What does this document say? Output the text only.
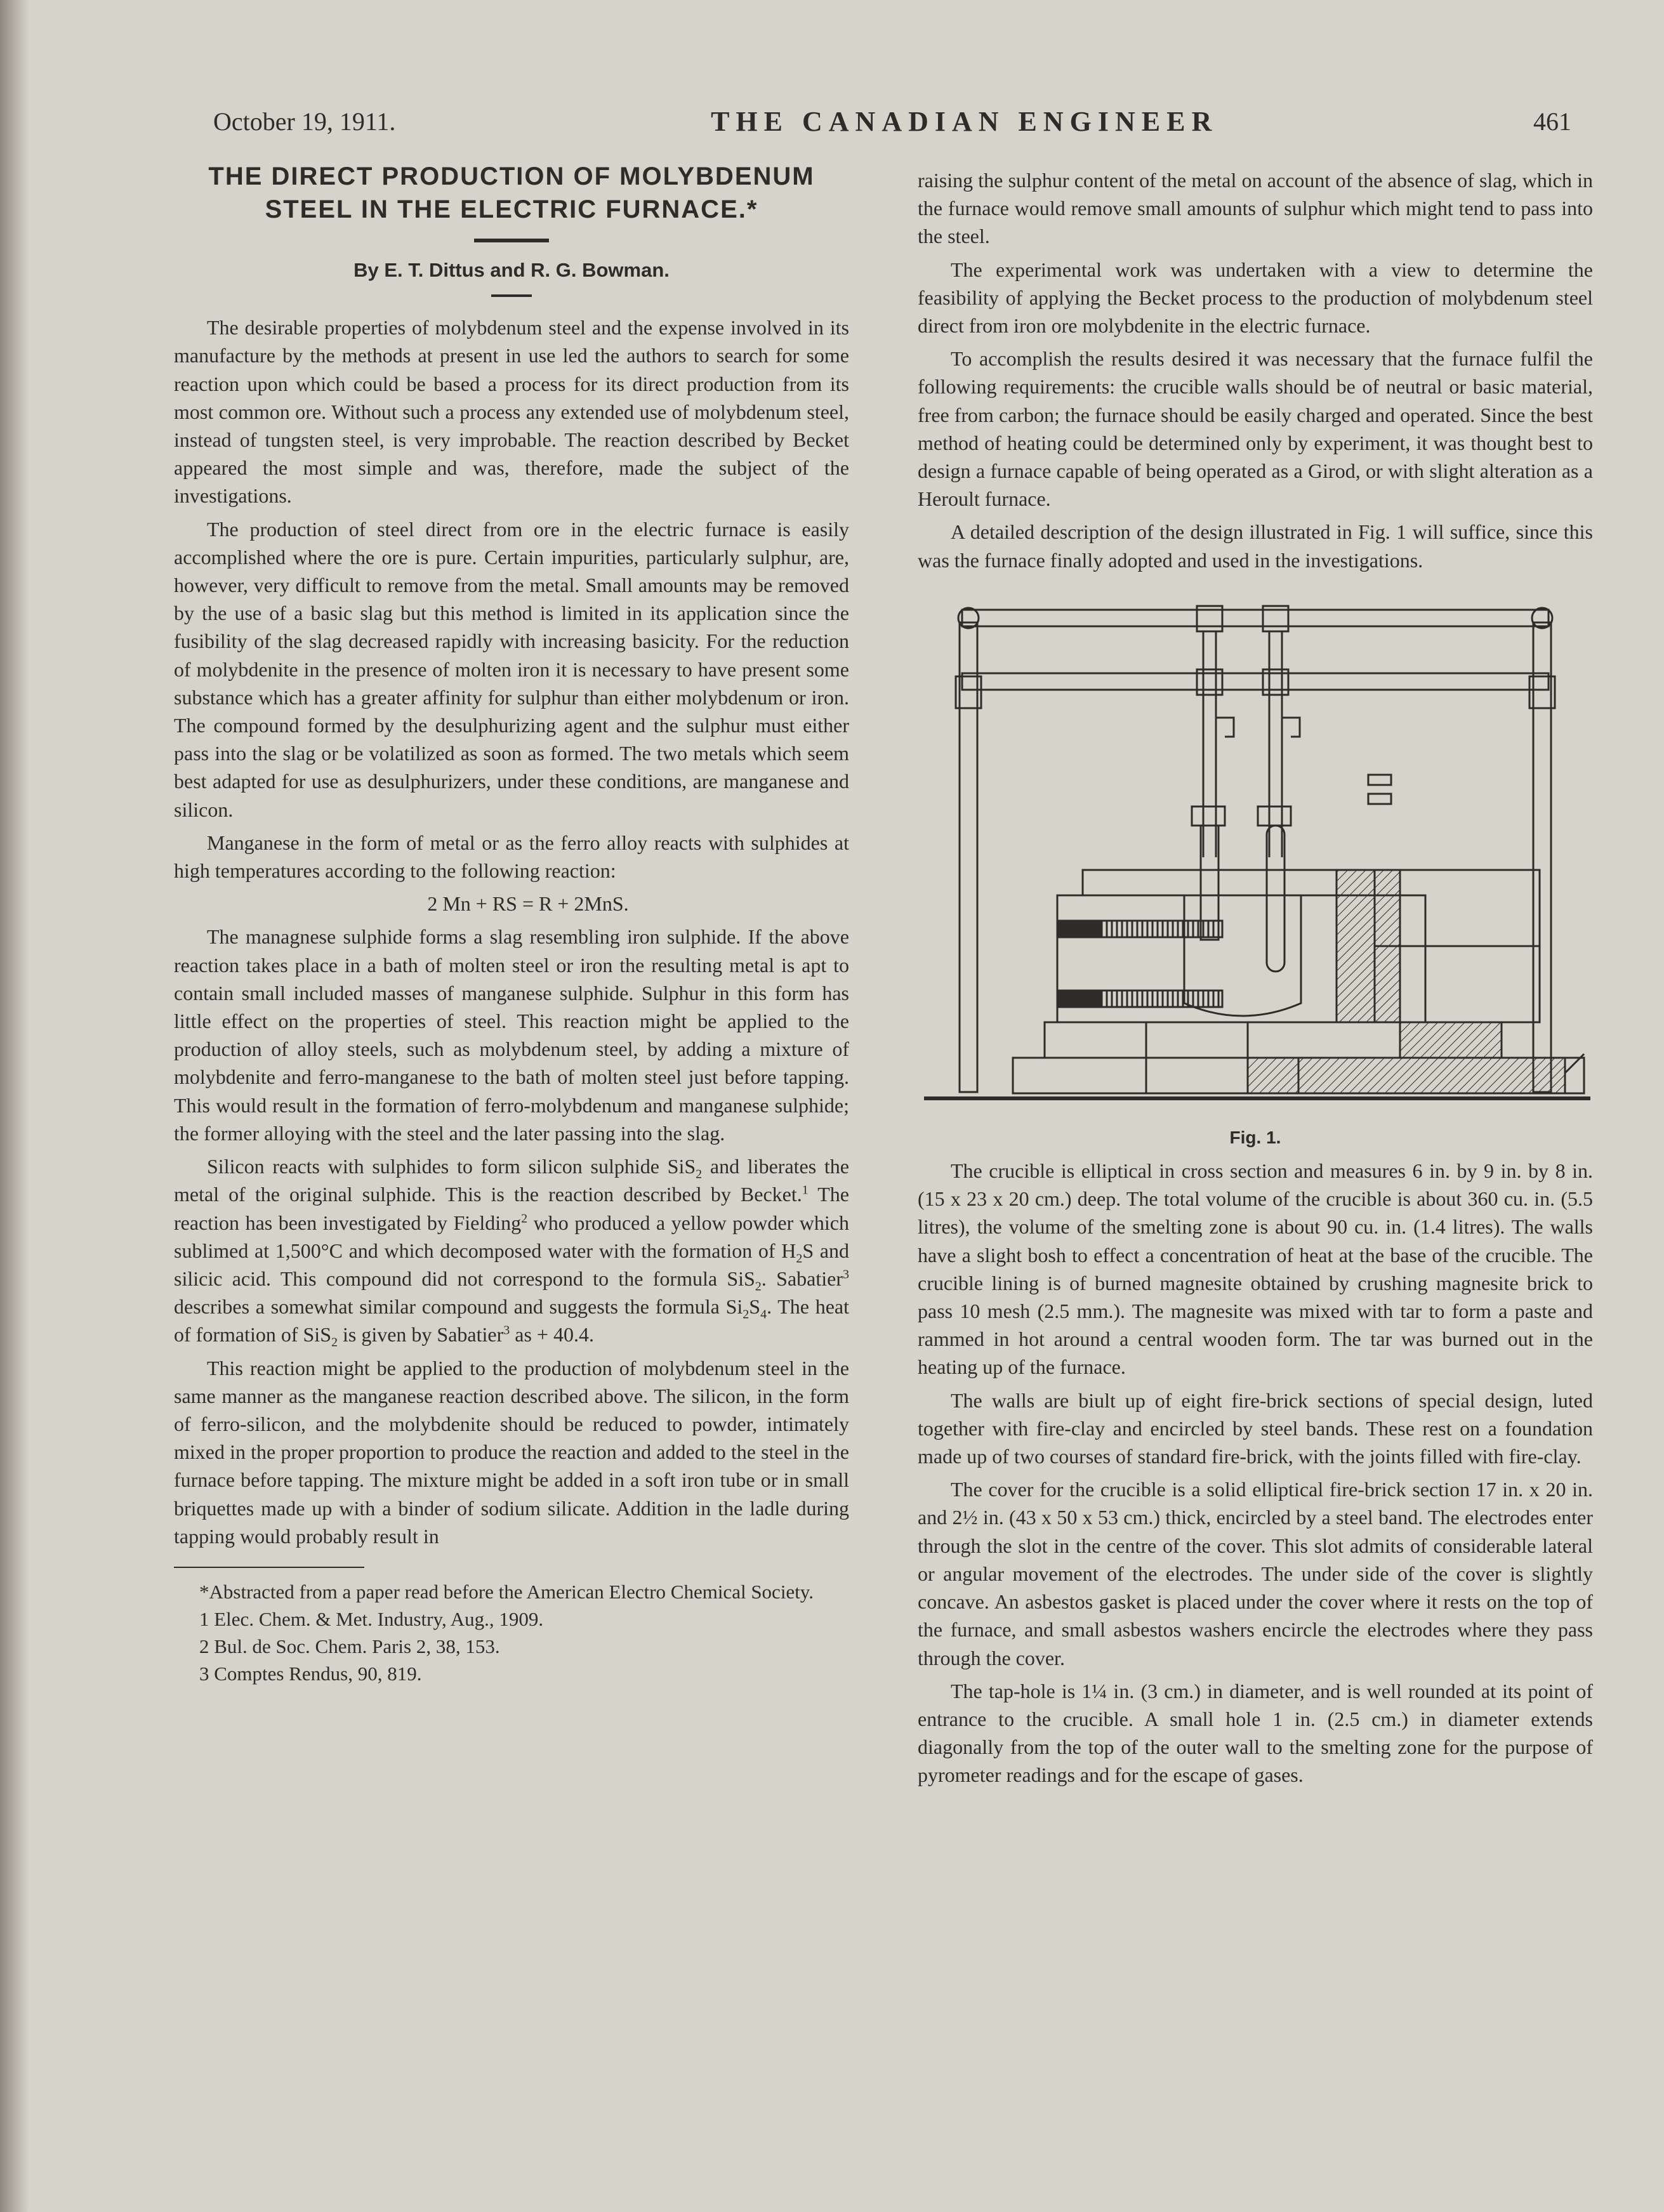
October 19, 1911.	THE CANADIAN ENGINEER	461

THE DIRECT PRODUCTION OF MOLYBDENUM
STEEL IN THE ELECTRIC FURNACE.*

By E. T. Dittus and R. G. Bowman.

The desirable properties of molybdenum steel and the expense involved in its manufacture by the methods at present in use led the authors to search for some reaction upon which could be based a process for its direct production from its most common ore. Without such a process any extended use of molybdenum steel, instead of tungsten steel, is very improbable. The reaction described by Becket appeared the most simple and was, therefore, made the subject of the investigations.

The production of steel direct from ore in the electric furnace is easily accomplished where the ore is pure. Certain impurities, particularly sulphur, are, however, very difficult to remove from the metal. Small amounts may be removed by the use of a basic slag but this method is limited in its application since the fusibility of the slag decreased rapidly with increasing basicity. For the reduction of molybdenite in the presence of molten iron it is necessary to have present some substance which has a greater affinity for sulphur than either molybdenum or iron. The compound formed by the desulphurizing agent and the sulphur must either pass into the slag or be volatilized as soon as formed. The two metals which seem best adapted for use as desulphurizers, under these conditions, are manganese and silicon.

Manganese in the form of metal or as the ferro alloy reacts with sulphides at high temperatures according to the following reaction:

2 Mn + RS = R + 2MnS.

The managnese sulphide forms a slag resembling iron sulphide. If the above reaction takes place in a bath of molten steel or iron the resulting metal is apt to contain small included masses of manganese sulphide. Sulphur in this form has little effect on the properties of steel. This reaction might be applied to the production of alloy steels, such as molybdenum steel, by adding a mixture of molybdenite and ferro-manganese to the bath of molten steel just before tapping. This would result in the formation of ferro-molybdenum and manganese sulphide; the former alloying with the steel and the later passing into the slag.

Silicon reacts with sulphides to form silicon sulphide SiS$_2$ and liberates the metal of the original sulphide. This is the reaction described by Becket.$^1$ The reaction has been investigated by Fielding$^2$ who produced a yellow powder which sublimed at 1,500°C and which decomposed water with the formation of $H_2S$ and silicic acid. This compound did not correspond to the formula SiS$_2$. Sabatier$^3$ describes a somewhat similar compound and suggests the formula $Si_2S_4$. The heat of formation of SiS$_2$ is given by Sabatier$^3$ as + 40.4.

This reaction might be applied to the production of molybdenum steel in the same manner as the manganese reaction described above. The silicon, in the form of ferro-silicon, and the molybdenite should be reduced to powder, intimately mixed in the proper proportion to produce the reaction and added to the steel in the furnace before tapping. The mixture might be added in a soft iron tube or in small briquettes made up with a binder of sodium silicate. Addition in the ladle during tapping would probably result in

*Abstracted from a paper read before the American Electro Chemical Society.

1 Elec. Chem. & Met. Industry, Aug., 1909.

2 Bul. de Soc. Chem. Paris 2, 38, 153.

3 Comptes Rendus, 90, 819.

raising the sulphur content of the metal on account of the absence of slag, which in the furnace would remove small amounts of sulphur which might tend to pass into the steel.

The experimental work was undertaken with a view to determine the feasibility of applying the Becket process to the production of molybdenum steel direct from iron ore molybdenite in the electric furnace.

To accomplish the results desired it was necessary that the furnace fulfil the following requirements: the crucible walls should be of neutral or basic material, free from carbon; the furnace should be easily charged and operated. Since the best method of heating could be determined only by experiment, it was thought best to design a furnace capable of being operated as a Girod, or with slight alteration as a Heroult furnace.

A detailed description of the design illustrated in Fig. 1 will suffice, since this was the furnace finally adopted and used in the investigations.

Fig. 1.

The crucible is elliptical in cross section and measures 6 in. by 9 in. by 8 in. (15 x 23 x 20 cm.) deep. The total volume of the crucible is about 360 cu. in. (5.5 litres), the volume of the smelting zone is about 90 cu. in. (1.4 litres). The walls have a slight bosh to effect a concentration of heat at the base of the crucible. The crucible lining is of burned magnesite obtained by crushing magnesite brick to pass 10 mesh (2.5 mm.). The magnesite was mixed with tar to form a paste and rammed in hot around a central wooden form. The tar was burned out in the heating up of the furnace.

The walls are biult up of eight fire-brick sections of special design, luted together with fire-clay and encircled by steel bands. These rest on a foundation made up of two courses of standard fire-brick, with the joints filled with fire-clay.

The cover for the crucible is a solid elliptical fire-brick section 17 in. x 20 in. and 2½ in. (43 x 50 x 53 cm.) thick, encircled by a steel band. The electrodes enter through the slot in the centre of the cover. This slot admits of considerable lateral or angular movement of the electrodes. The under side of the cover is slightly concave. An asbestos gasket is placed under the cover where it rests on the top of the furnace, and small asbestos washers encircle the electrodes where they pass through the cover.

The tap-hole is 1¼ in. (3 cm.) in diameter, and is well rounded at its point of entrance to the crucible. A small hole 1 in. (2.5 cm.) in diameter extends diagonally from the top of the outer wall to the smelting zone for the purpose of pyrometer readings and for the escape of gases.
